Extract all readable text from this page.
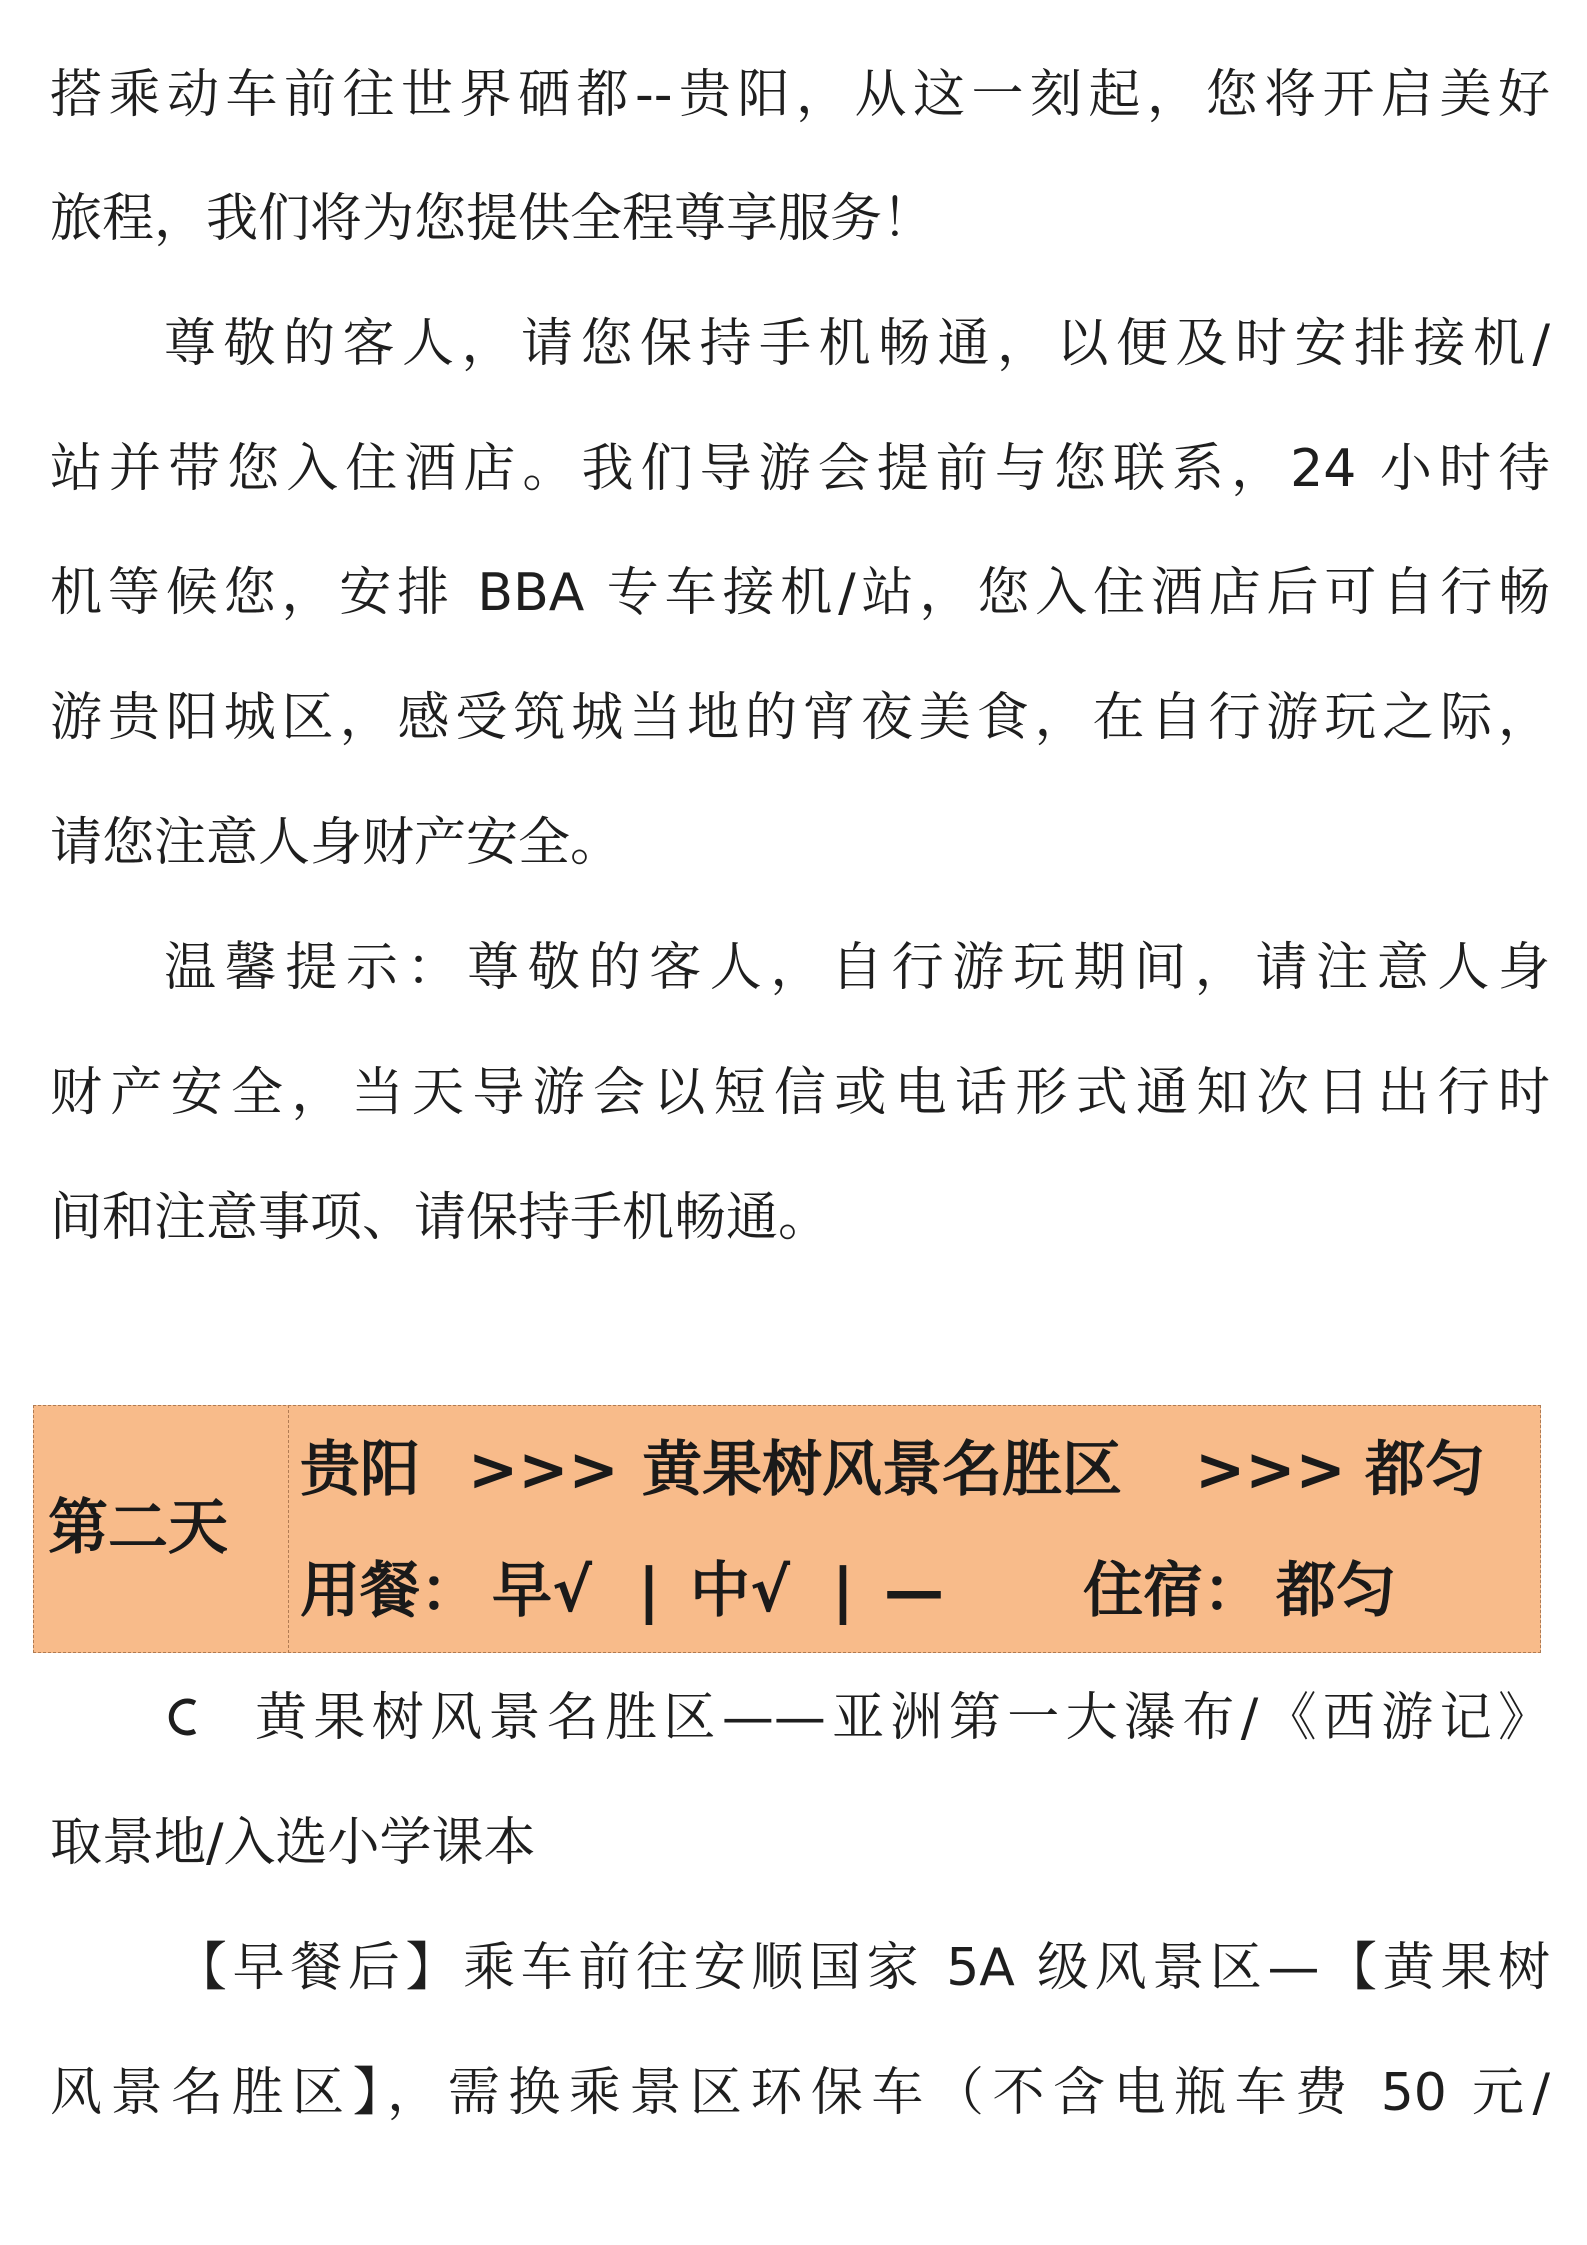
搭乘动车前往世界硒都--贵阳，从这一刻起，您将开启美好
旅程，我们将为您提供全程尊享服务！
尊敬的客人，请您保持手机畅通，以便及时安排接机/
站并带您入住酒店。我们导游会提前与您联系，24 小时待
机等候您，安排 BBA 专车接机/站，您入住酒店后可自行畅
游贵阳城区，感受筑城当地的宵夜美食，在自行游玩之际，
请您注意人身财产安全。
温馨提示：尊敬的客人，自行游玩期间，请注意人身
财产安全，当天导游会以短信或电话形式通知次日出行时
间和注意事项、请保持手机畅通。
第二天
贵阳 >>> 黄果树风景名胜区 >>> 都匀
用餐： 早√ | 中√ | — 住宿： 都匀
黄果树风景名胜区——亚洲第一大瀑布/《西游记》
取景地/入选小学课本
【早餐后】乘车前往安顺国家 5A 级风景区—【黄果树
风景名胜区】，需换乘景区环保车（不含电瓶车费 50 元/
